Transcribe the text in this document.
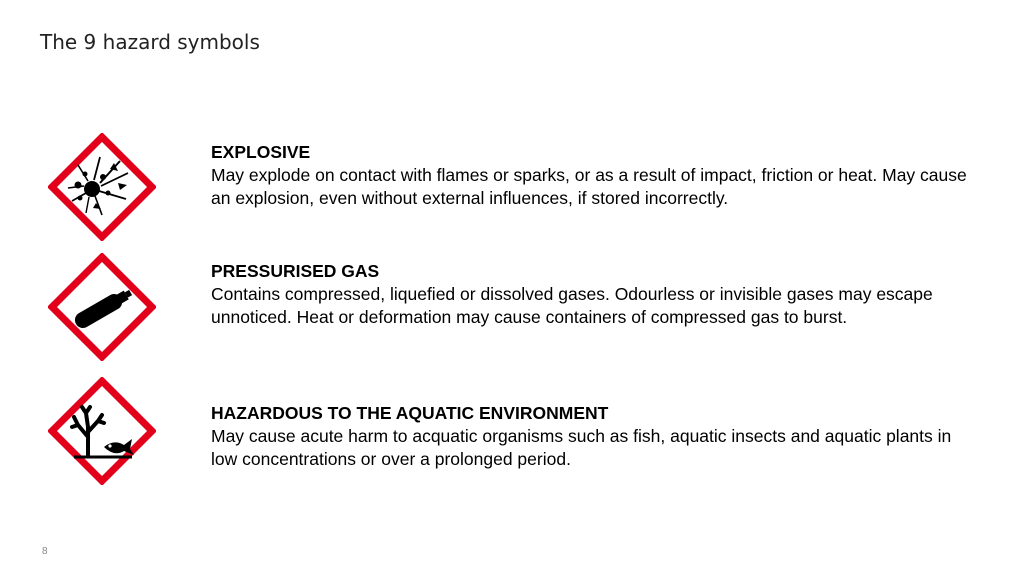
The 9 hazard symbols
EXPLOSIVE
May explode on contact with flames or sparks, or as a result of impact, friction or heat. May cause an explosion, even without external influences, if stored incorrectly.
PRESSURISED GAS
Contains compressed, liquefied or dissolved gases. Odourless or invisible gases may escape unnoticed. Heat or deformation may cause containers of compressed gas to burst.
HAZARDOUS TO THE AQUATIC ENVIRONMENT
May cause acute harm to acquatic organisms such as fish, aquatic insects and aquatic plants in low concentrations or over a prolonged period.
8
